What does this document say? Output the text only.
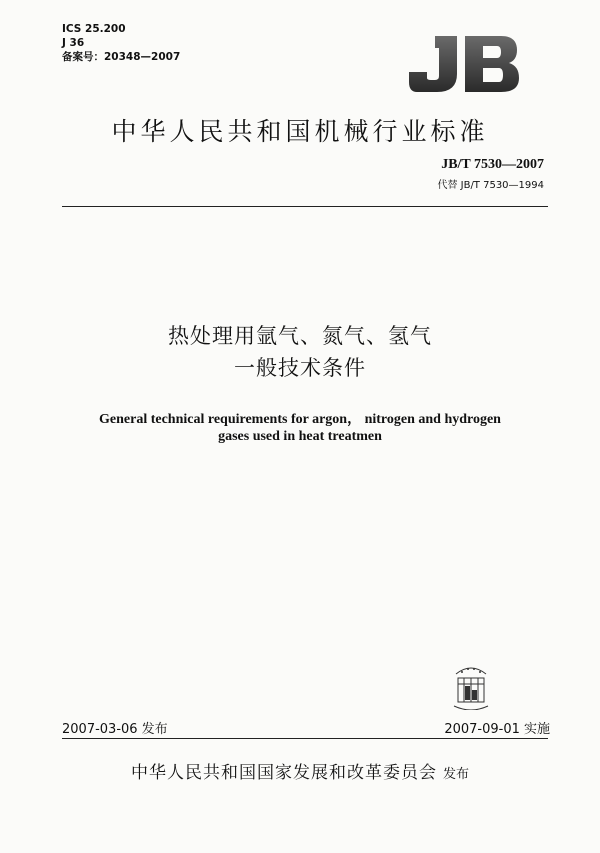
ICS 25.200
J 36
备案号：20348—2007
中华人民共和国机械行业标准
JB/T 7530—2007
代替 JB/T 7530—1994
热处理用氩气、氮气、氢气
一般技术条件
General technical requirements for argon， nitrogen and hydrogen
gases used in heat treatmen
2007-03-06 发布	2007-09-01 实施
中华人民共和国国家发展和改革委员会 发布
